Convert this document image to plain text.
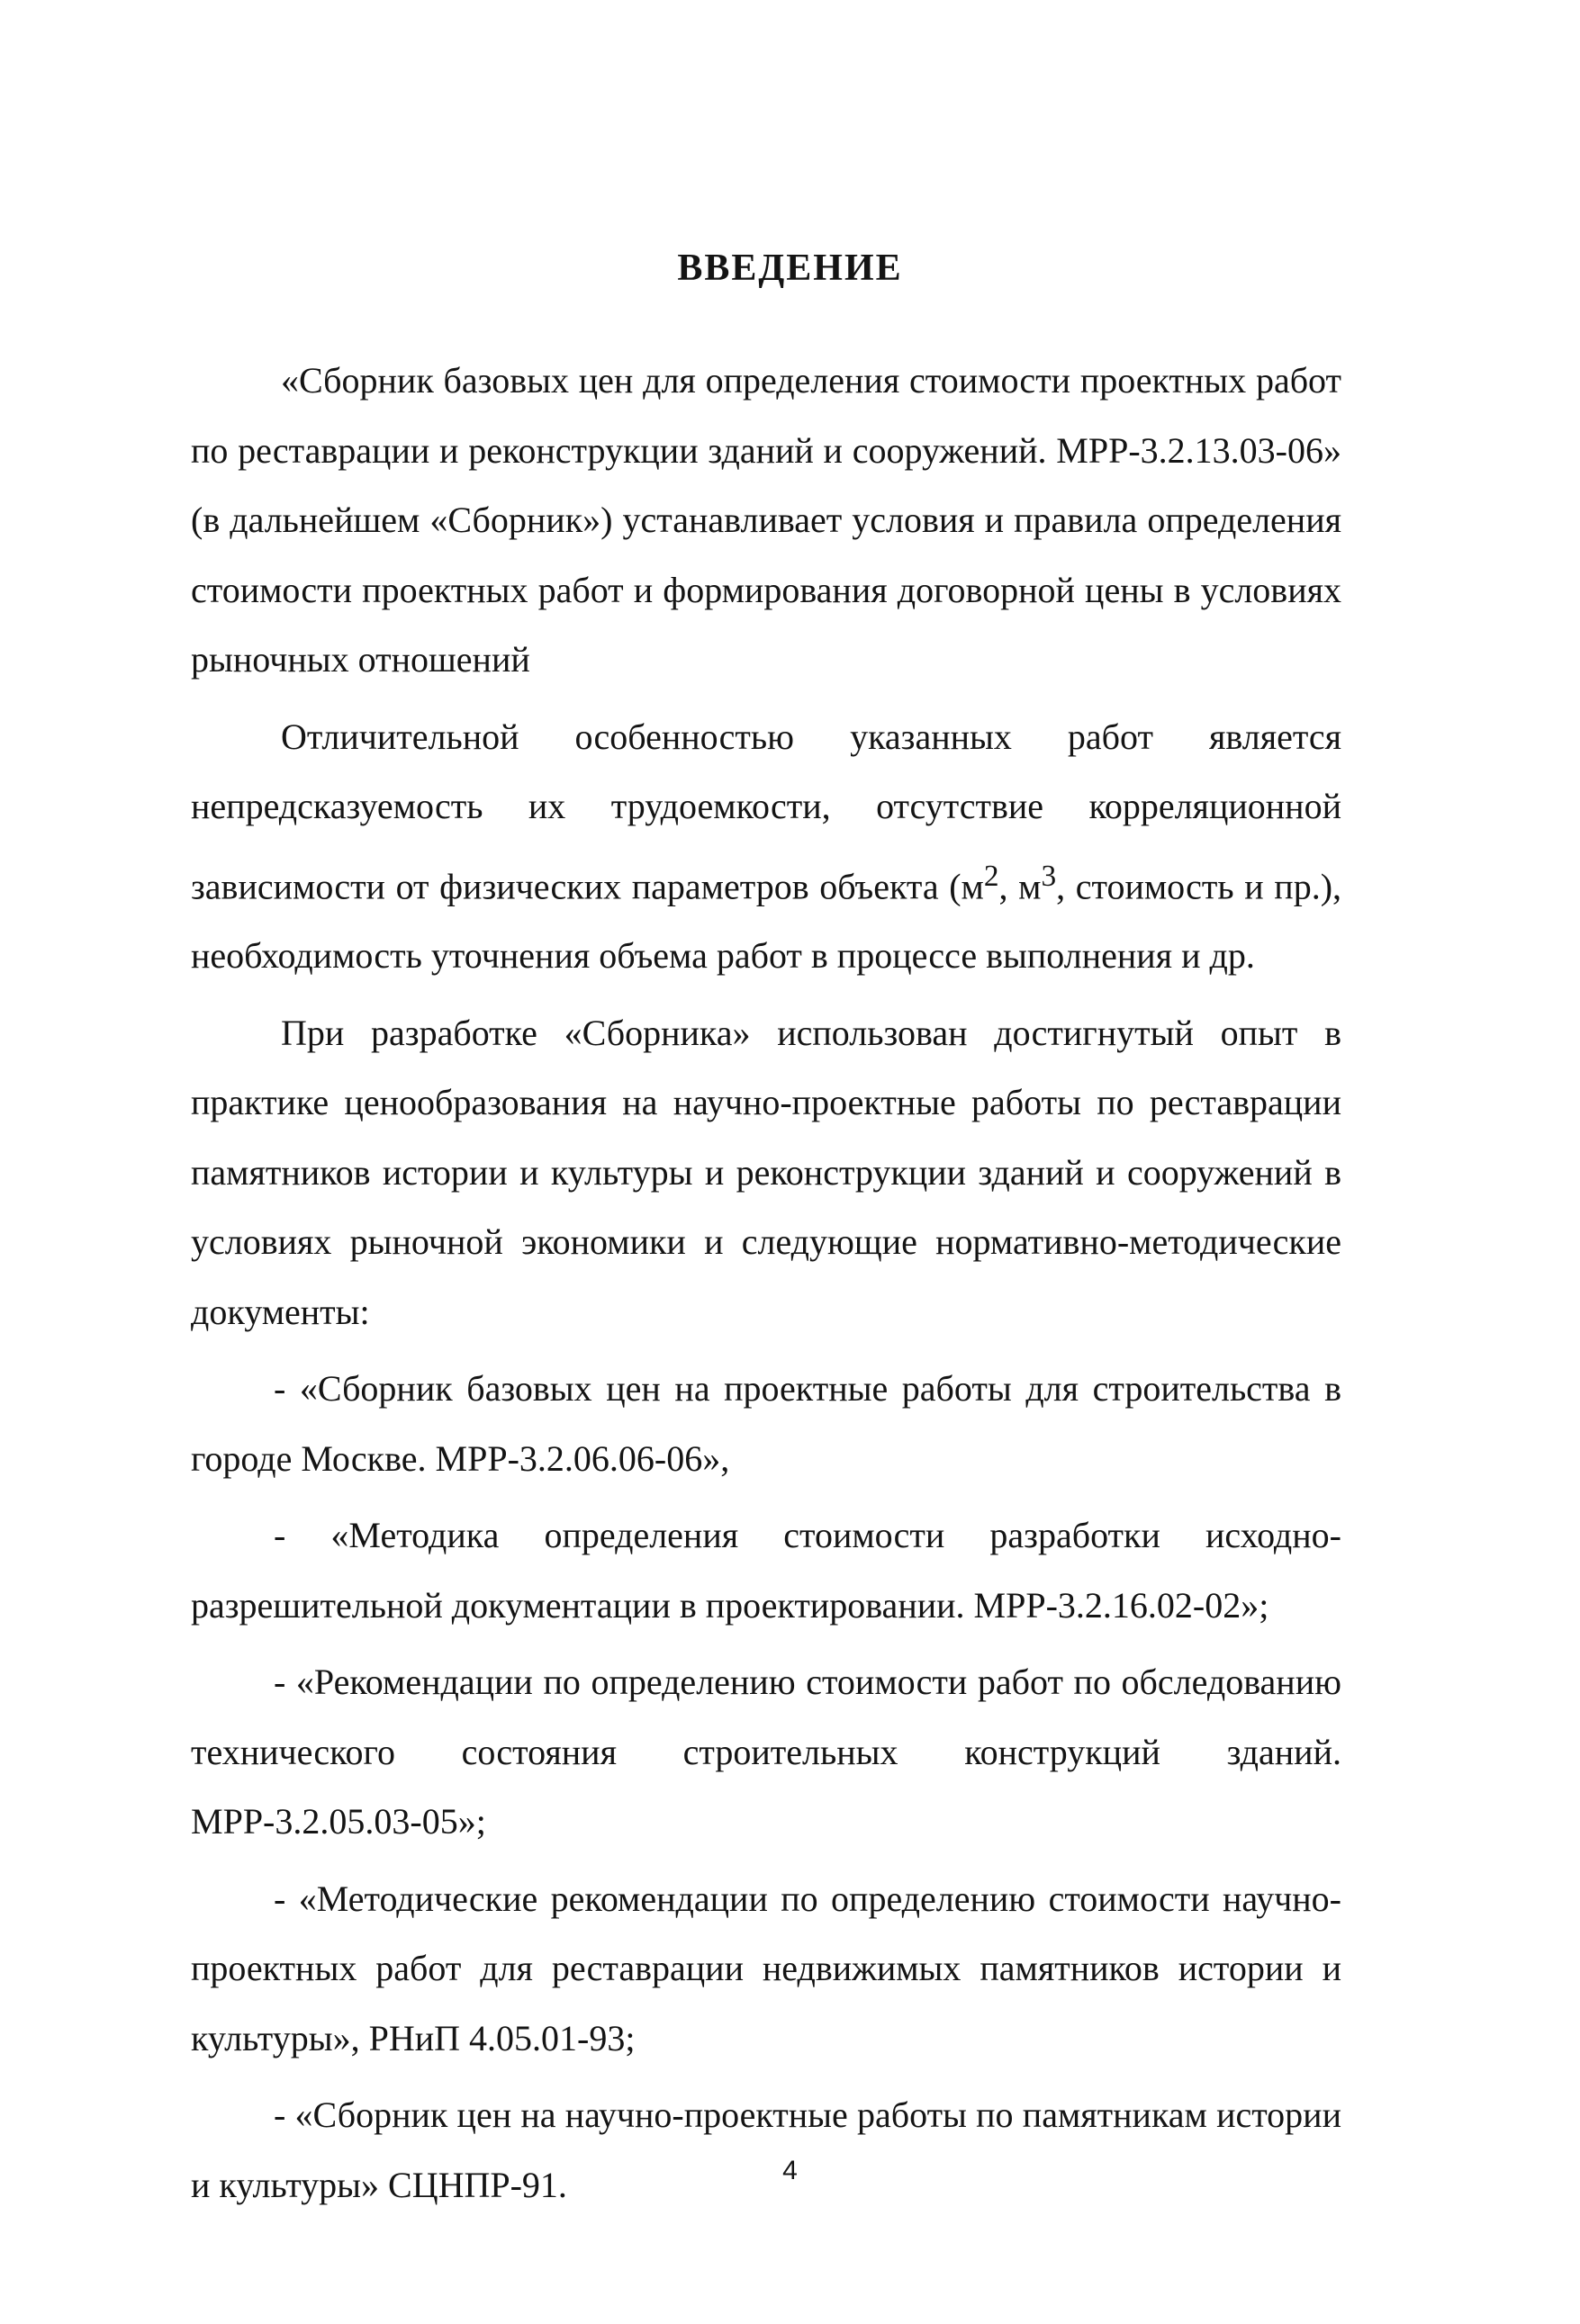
ВВЕДЕНИЕ

«Сборник базовых цен для определения стоимости проектных работ по реставрации и реконструкции зданий и сооружений. МРР-3.2.13.03-06» (в дальнейшем «Сборник») устанавливает условия и правила определения стоимости проектных работ и формирования договорной цены в условиях рыночных отношений

Отличительной особенностью указанных работ является непредсказуемость их трудоемкости, отсутствие корреляционной зависимости от физических параметров объекта ($м^2$, $м^3$, стоимость и пр.), необходимость уточнения объема работ в процессе выполнения и др.

При разработке «Сборника» использован достигнутый опыт в практике ценообразования на научно-проектные работы по реставрации памятников истории и культуры и реконструкции зданий и сооружений в условиях рыночной экономики и следующие нормативно-методические документы:

- «Сборник базовых цен на проектные работы для строительства в городе Москве. МРР-3.2.06.06-06»,

- «Методика определения стоимости разработки исходно-разрешительной документации в проектировании. МРР-3.2.16.02-02»;

- «Рекомендации по определению стоимости работ по обследованию технического состояния строительных конструкций зданий. МРР-3.2.05.03-05»;

- «Методические рекомендации по определению стоимости научно-проектных работ для реставрации недвижимых памятников истории и культуры», РНиП 4.05.01-93;

- «Сборник цен на научно-проектные работы по памятникам истории и культуры» СЦНПР-91.	4
